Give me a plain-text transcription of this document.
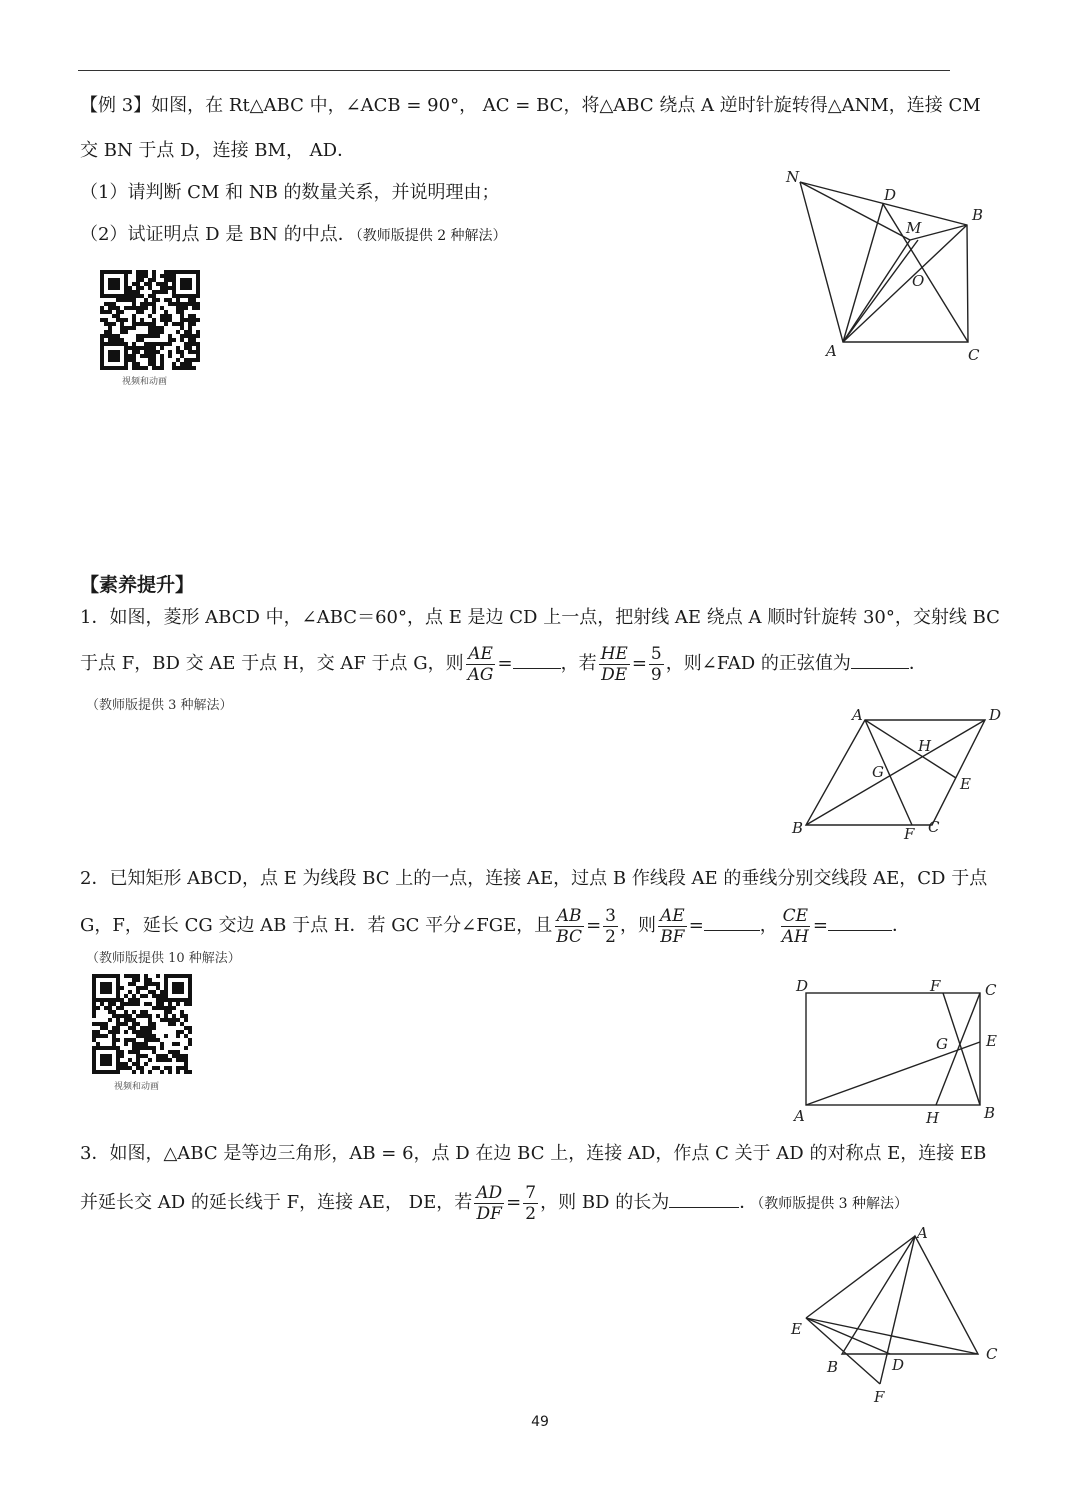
【例 3】如图，在 Rt△ABC 中，∠ACB = 90°， AC = BC，将△ABC 绕点 A 逆时针旋转得△ANM，连接 CM
交 BN 于点 D，连接 BM， AD．
（1）请判断 CM 和 NB 的数量关系，并说明理由；
（2）试证明点 D 是 BN 的中点．（教师版提供 2 种解法）
视频和动画
N
D
B
M
O
A	C
【素养提升】
1．如图，菱形 ABCD 中，∠ABC＝60°，点 E 是边 CD 上一点，把射线 AE 绕点 A 顺时针旋转 30°，交射线 BC
于点 F，BD 交 AE 于点 H，交 AF 于点 G，则 $\frac{AE}{AG}$ =	，若 $\frac{HE}{DE} = \frac{5}{9}$ ，则∠FAD 的正弦值为	．
（教师版提供 3 种解法）
A	D
H
G
E
B	F C
2．已知矩形 ABCD，点 E 为线段 BC 上的一点，连接 AE，过点 B 作线段 AE 的垂线分别交线段 AE，CD 于点
G，F，延长 CG 交边 AB 于点 H．若 GC 平分∠FGE，且 $\frac{AB}{BC} = \frac{3}{2}$ ，则 $\frac{AE}{BF}$ =	， $\frac{CE}{AH}$ =	．
（教师版提供 10 种解法）
视频和动画
D	F	C
E
G
A	H	B
3．如图，△ABC 是等边三角形，AB = 6，点 D 在边 BC 上，连接 AD，作点 C 关于 AD 的对称点 E，连接 EB
并延长交 AD 的延长线于 F，连接 AE， DE，若 $\frac{AD}{DF} = \frac{7}{2}$ ，则 BD 的长为	．（教师版提供 3 种解法）
A
E
B	D
C
F
49
